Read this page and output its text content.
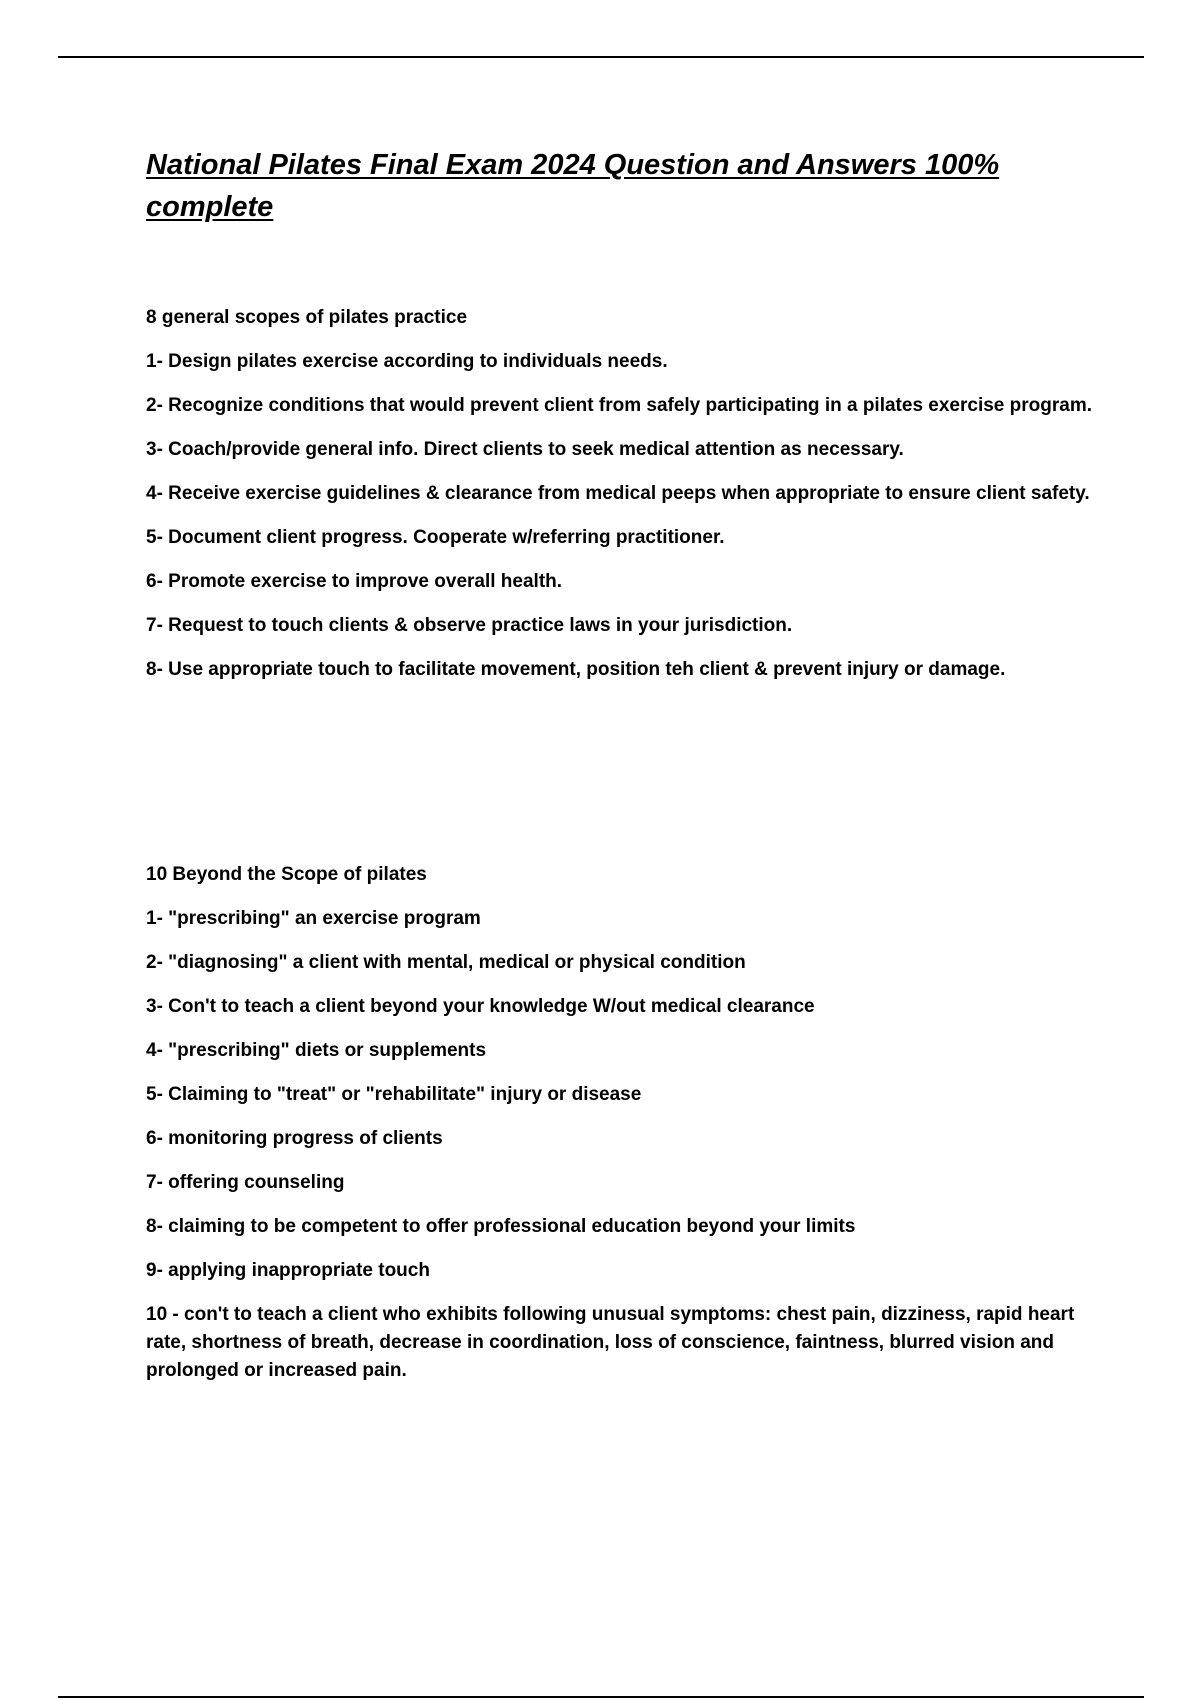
National Pilates Final Exam 2024 Question and Answers 100% complete

8 general scopes of pilates practice

1- Design pilates exercise according to individuals needs.
2- Recognize conditions that would prevent client from safely participating in a pilates exercise program.
3- Coach/provide general info. Direct clients to seek medical attention as necessary.
4- Receive exercise guidelines & clearance from medical peeps when appropriate to ensure client safety.
5- Document client progress. Cooperate w/referring practitioner.
6- Promote exercise to improve overall health.
7- Request to touch clients & observe practice laws in your jurisdiction.
8- Use appropriate touch to facilitate movement, position teh client & prevent injury or damage.

10 Beyond the Scope of pilates

1- "prescribing" an exercise program
2- "diagnosing" a client with mental, medical or physical condition
3- Con't to teach a client beyond your knowledge W/out medical clearance
4- "prescribing" diets or supplements
5- Claiming to "treat" or "rehabilitate" injury or disease
6- monitoring progress of clients
7- offering counseling
8- claiming to be competent to offer professional education beyond your limits
9- applying inappropriate touch
10 - con't to teach a client who exhibits following unusual symptoms: chest pain, dizziness, rapid heart rate, shortness of breath, decrease in coordination, loss of conscience, faintness, blurred vision and prolonged or increased pain.
